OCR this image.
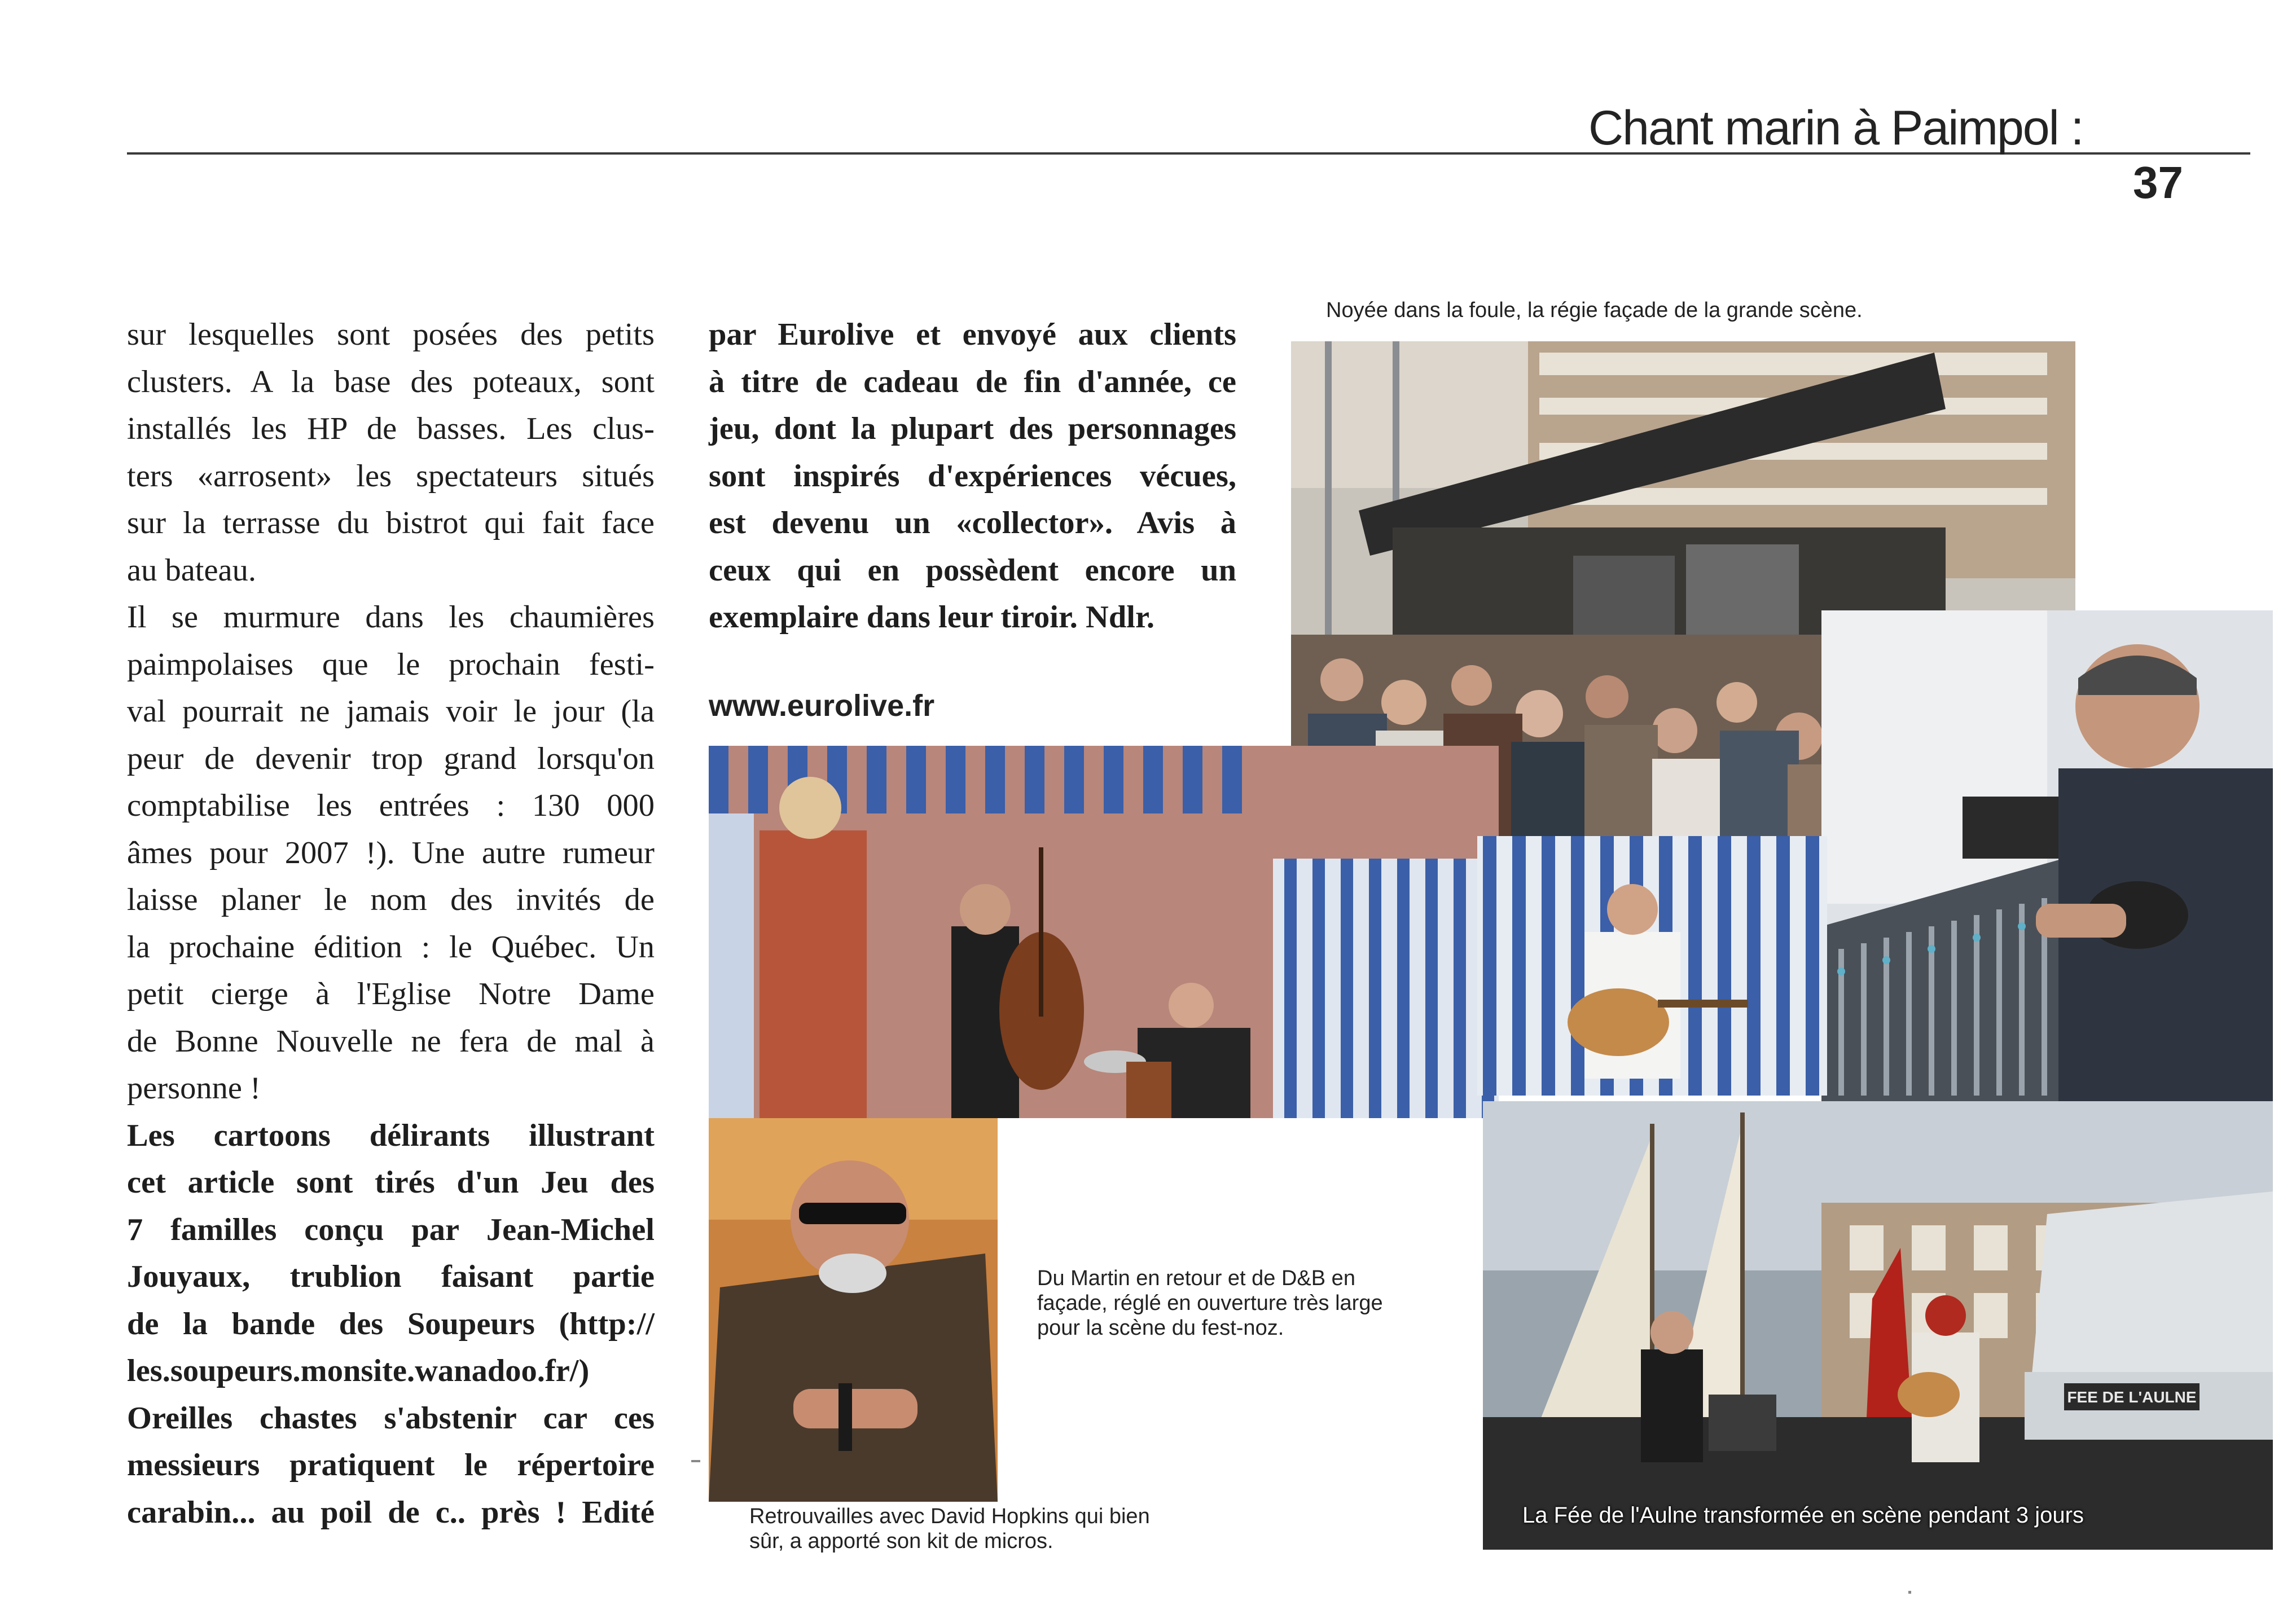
Chant marin à Paimpol :
37
sur lesquelles sont posées des petits
clusters. A la base des poteaux, sont
installés les HP de basses. Les clus-
ters «arrosent» les spectateurs situés
sur la terrasse du bistrot qui fait face
au bateau.
Il se murmure dans les chaumières
paimpolaises que le prochain festi-
val pourrait ne jamais voir le jour (la
peur de devenir trop grand lorsqu'on
comptabilise les entrées : 130 000
âmes pour 2007 !). Une autre rumeur
laisse planer le nom des invités de
la prochaine édition : le Québec. Un
petit cierge à l'Eglise Notre Dame
de Bonne Nouvelle ne fera de mal à
personne !
Les cartoons délirants illustrant
cet article sont tirés d'un Jeu des
7 familles conçu par Jean-Michel
Jouyaux, trublion faisant partie
de la bande des Soupeurs (http://
les.soupeurs.monsite.wanadoo.fr/)
Oreilles chastes s'abstenir car ces
messieurs pratiquent le répertoire
carabin... au poil de c.. près ! Edité
par Eurolive et envoyé aux clients
à titre de cadeau de fin d'année, ce
jeu, dont la plupart des personnages
sont inspirés d'expériences vécues,
est devenu un «collector». Avis à
ceux qui en possèdent encore un
exemplaire dans leur tiroir. Ndlr.
www.eurolive.fr
Noyée dans la foule, la régie façade de la grande scène.
FEE DE L'AULNE
La Fée de l'Aulne transformée en scène pendant 3 jours
Du Martin en retour et de D&B en
façade, réglé en ouverture très large
pour la scène du fest-noz.
Retrouvailles avec David Hopkins qui bien
sûr, a apporté son kit de micros.
